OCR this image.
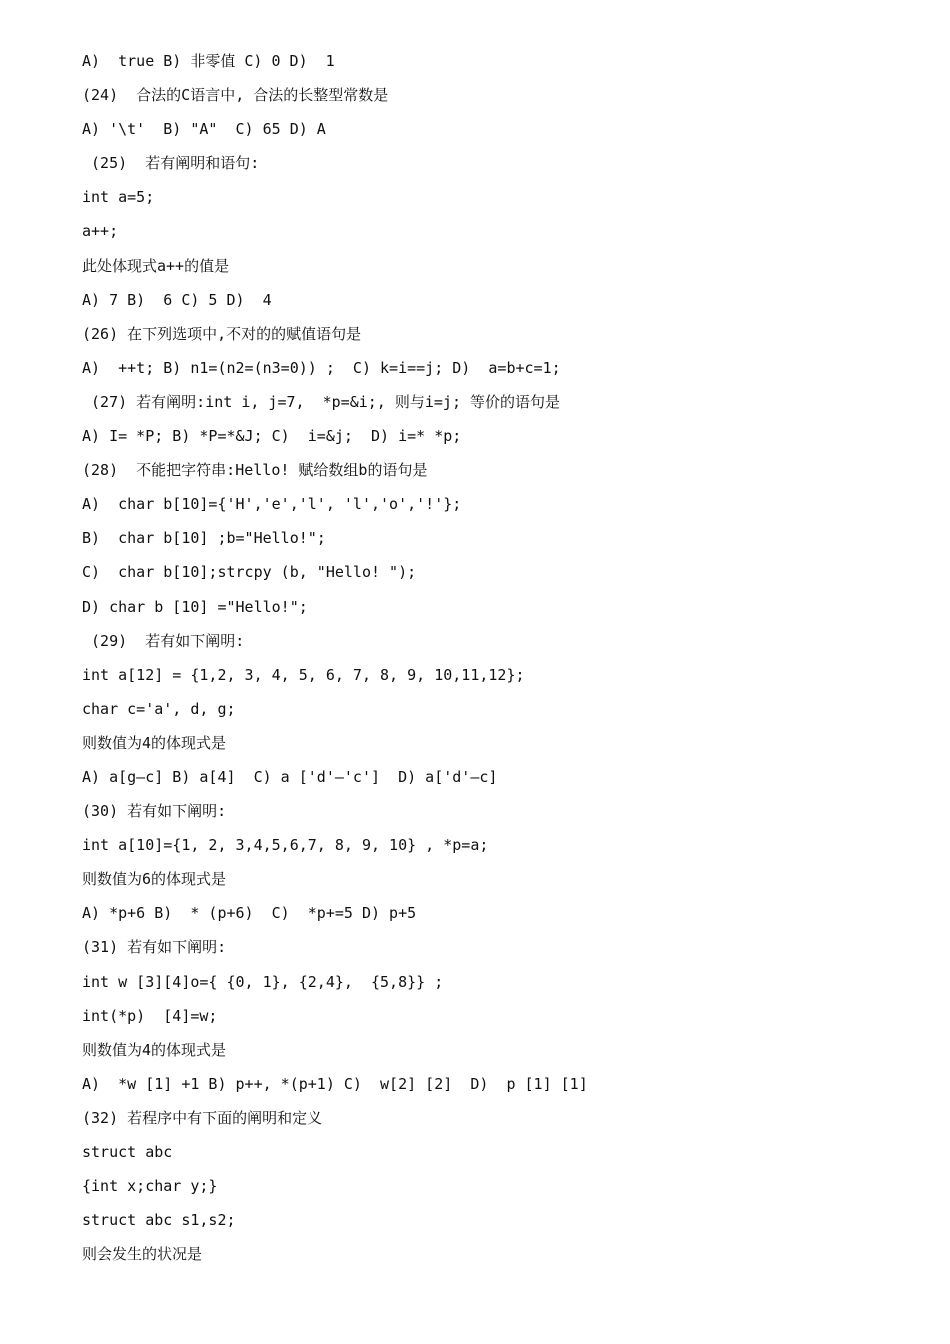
A)  true B) 非零值 C) 0 D)  1
(24)  合法的C语言中, 合法的长整型常数是
A) '\t'  B) "A"  C) 65 D) A
(25)  若有阐明和语句:
int a=5;
a++;
此处体现式a++的值是
A) 7 B)  6 C) 5 D)  4
(26) 在下列选项中,不对的的赋值语句是
A)  ++t; B) n1=(n2=(n3=0)) ;  C) k=i==j; D)  a=b+c=1;
(27) 若有阐明:int i, j=7,  *p=&i;, 则与i=j; 等价的语句是
A) I= *P; B) *P=*&J; C)  i=&j;  D) i=* *p;
(28)  不能把字符串:Hello! 赋给数组b的语句是
A)  char b[10]={'H','e','l', 'l','o','!'};
B)  char b[10] ;b="Hello!";
C)  char b[10];strcpy (b, "Hello! ");
D) char b [10] ="Hello!";
(29)  若有如下阐明:
int a[12] = {1,2, 3, 4, 5, 6, 7, 8, 9, 10,11,12};
char c='a', d, g;
则数值为4的体现式是
A) a[g—c] B) a[4]  C) a ['d'—'c']  D) a['d'—c]
(30) 若有如下阐明:
int a[10]={1, 2, 3,4,5,6,7, 8, 9, 10} , *p=a;
则数值为6的体现式是
A) *p+6 B)  * (p+6)  C)  *p+=5 D) p+5
(31) 若有如下阐明:
int w [3][4]o={ {0, 1}, {2,4},  {5,8}} ;
int(*p)  [4]=w;
则数值为4的体现式是
A)  *w [1] +1 B) p++, *(p+1) C)  w[2] [2]  D)  p [1] [1]
(32) 若程序中有下面的阐明和定义
struct abc
{int x;char y;}
struct abc s1,s2;
则会发生的状况是
